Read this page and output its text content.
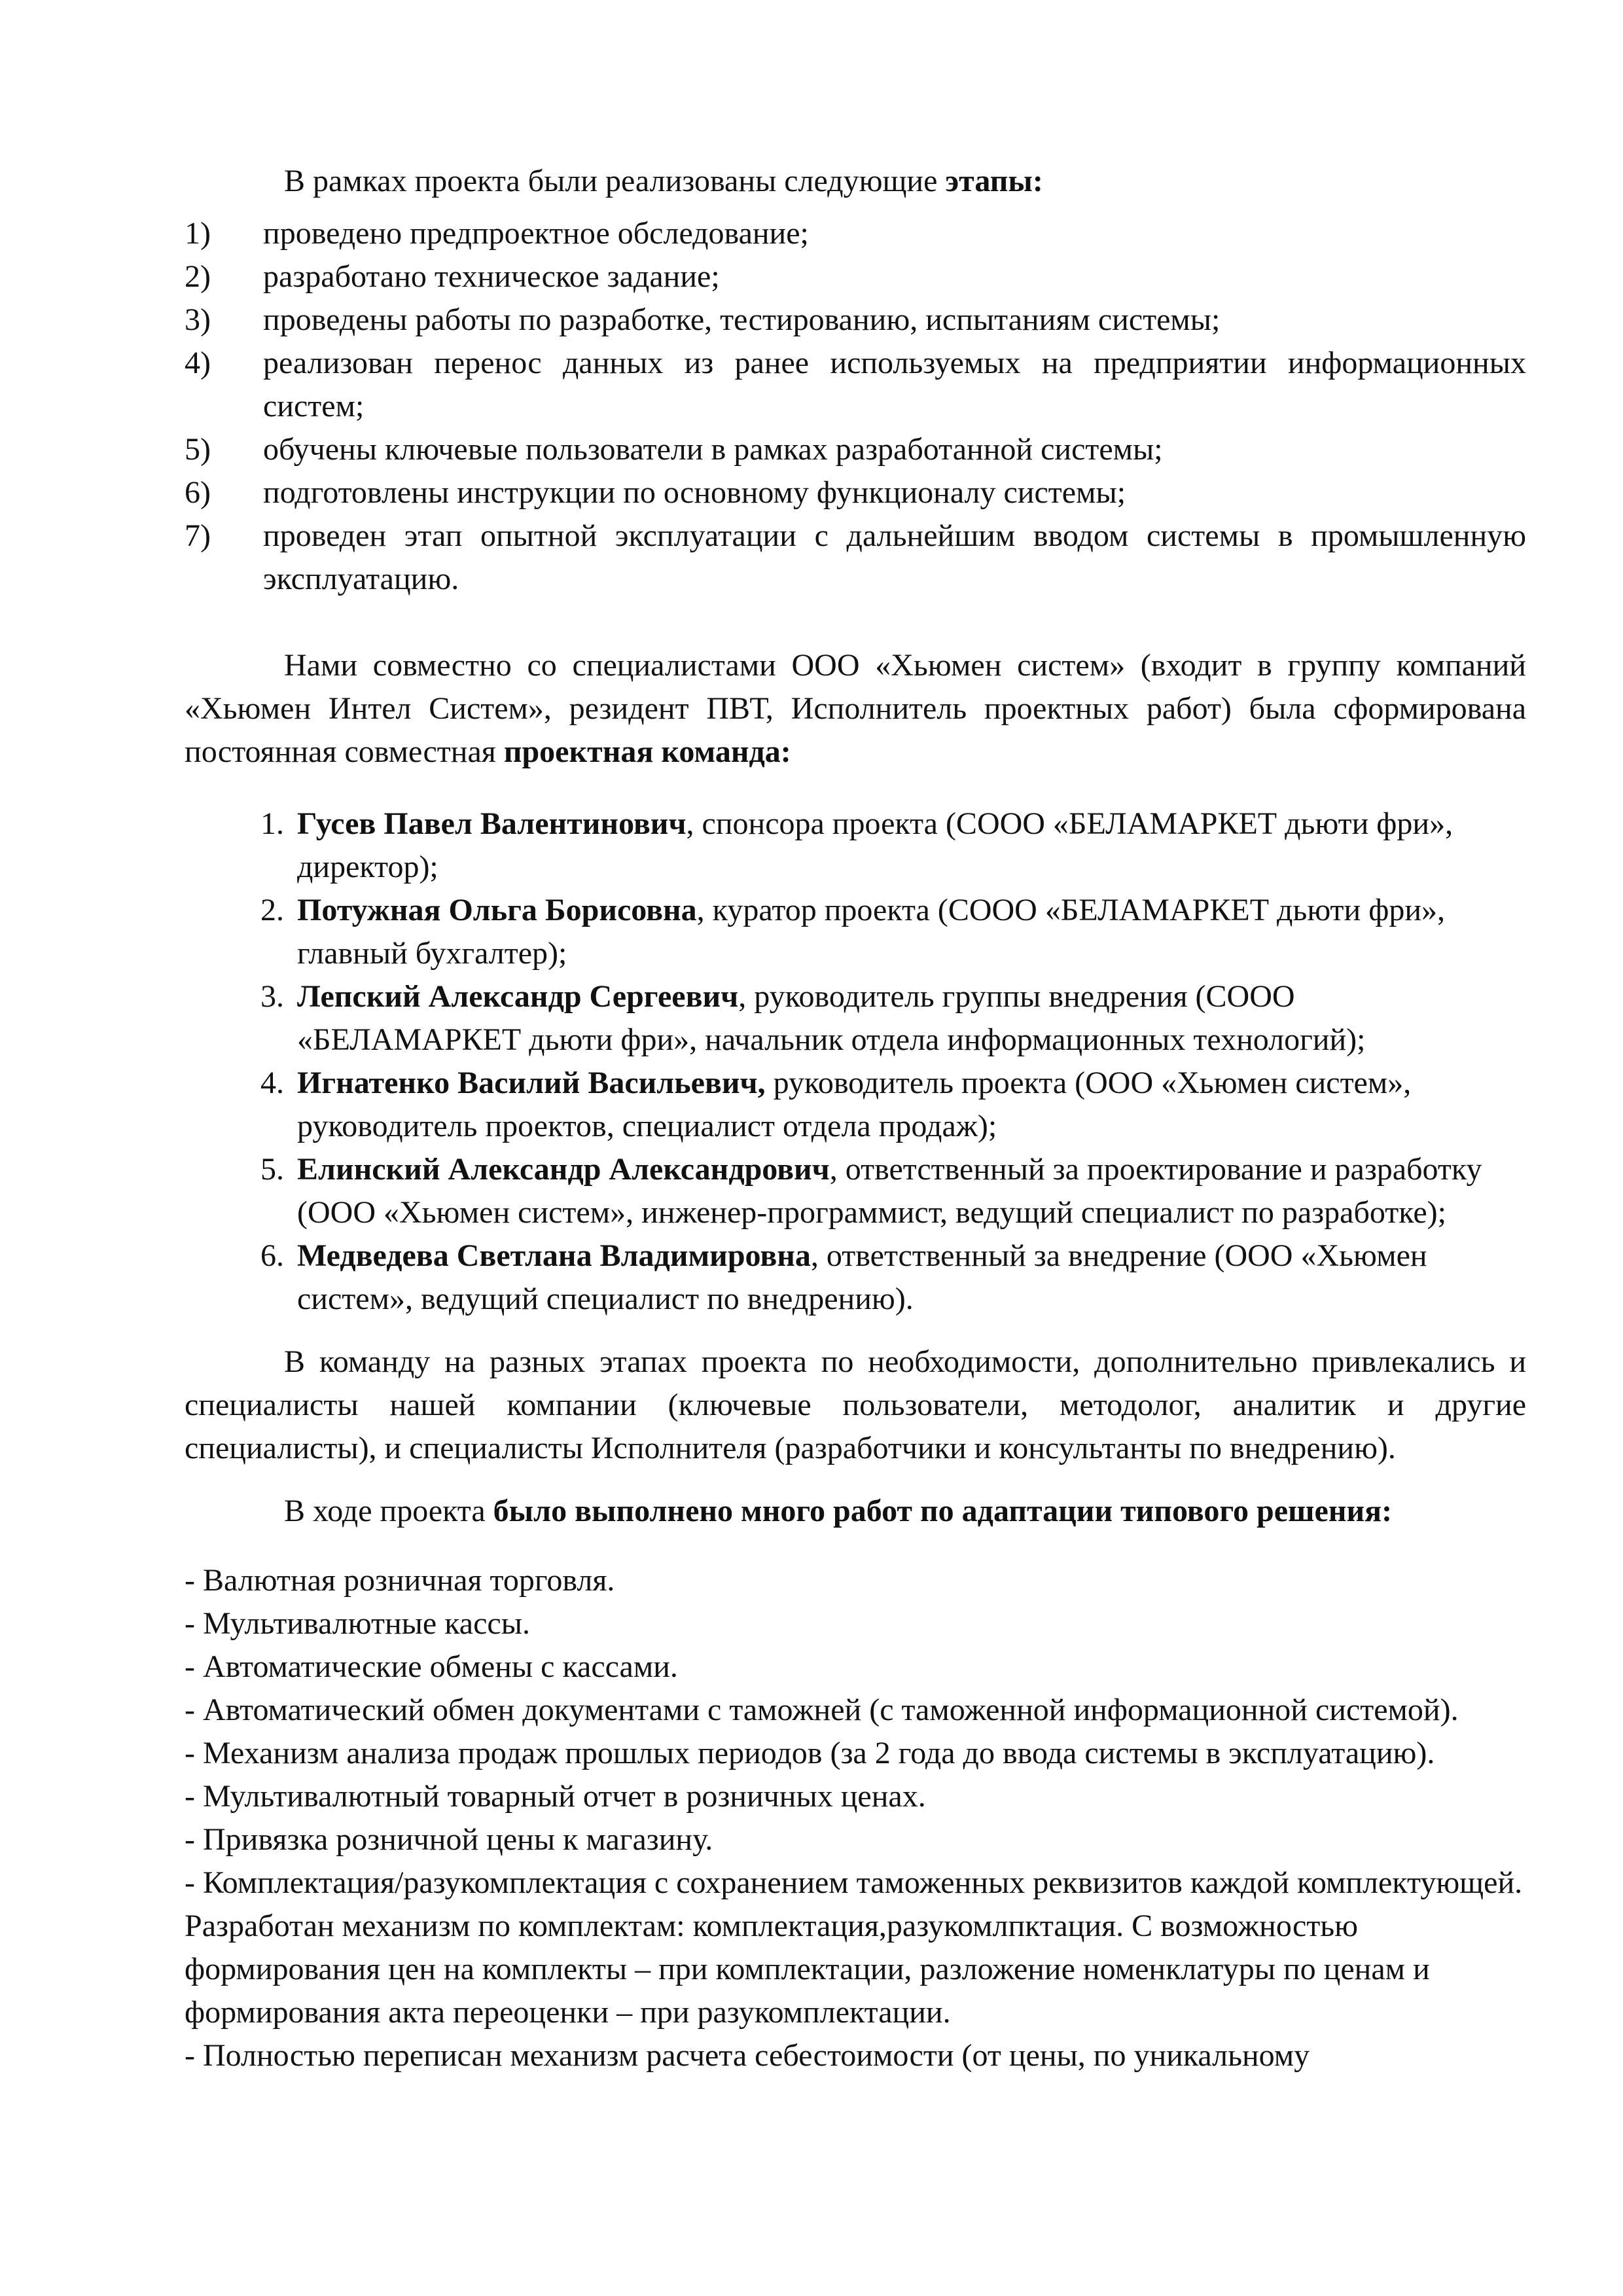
В рамках проекта были реализованы следующие этапы:

1)	проведено предпроектное обследование;
2)	разработано техническое задание;
3)	проведены работы по разработке, тестированию, испытаниям системы;
4)	реализован перенос данных из ранее используемых на предприятии информационных систем;
5)	обучены ключевые пользователи в рамках разработанной системы;
6)	подготовлены инструкции по основному функционалу системы;
7)	проведен этап опытной эксплуатации с дальнейшим вводом системы в промышленную эксплуатацию.

Нами совместно со специалистами ООО «Хьюмен систем» (входит в группу компаний «Хьюмен Интел Систем», резидент ПВТ, Исполнитель проектных работ) была сформирована постоянная совместная проектная команда:

1. Гусев Павел Валентинович, спонсора проекта (СООО «БЕЛАМАРКЕТ дьюти фри», директор);
2. Потужная Ольга Борисовна, куратор проекта (СООО «БЕЛАМАРКЕТ дьюти фри», главный бухгалтер);
3. Лепский Александр Сергеевич, руководитель группы внедрения (СООО «БЕЛАМАРКЕТ дьюти фри», начальник отдела информационных технологий);
4. Игнатенко Василий Васильевич, руководитель проекта (ООО «Хьюмен систем», руководитель проектов, специалист отдела продаж);
5. Елинский Александр Александрович, ответственный за проектирование и разработку (ООО «Хьюмен систем», инженер-программист, ведущий специалист по разработке);
6. Медведева Светлана Владимировна, ответственный за внедрение (ООО «Хьюмен систем», ведущий специалист по внедрению).

В команду на разных этапах проекта по необходимости, дополнительно привлекались и специалисты нашей компании (ключевые пользователи, методолог, аналитик и другие специалисты), и специалисты Исполнителя (разработчики и консультанты по внедрению).

В ходе проекта было выполнено много работ по адаптации типового решения:

- Валютная розничная торговля.

- Мультивалютные кассы.

- Автоматические обмены с кассами.

- Автоматический обмен документами с таможней (с таможенной информационной системой).

- Механизм анализа продаж прошлых периодов (за 2 года до ввода системы в эксплуатацию).

- Мультивалютный товарный отчет в розничных ценах.

- Привязка розничной цены к магазину.

- Комплектация/разукомплектация с сохранением таможенных реквизитов каждой комплектующей. Разработан механизм по комплектам: комплектация,разукомлпктация. С возможностью формирования цен на комплекты – при комплектации, разложение номенклатуры по ценам и формирования акта переоценки – при разукомплектации.

- Полностью переписан механизм расчета себестоимости (от цены, по уникальному
